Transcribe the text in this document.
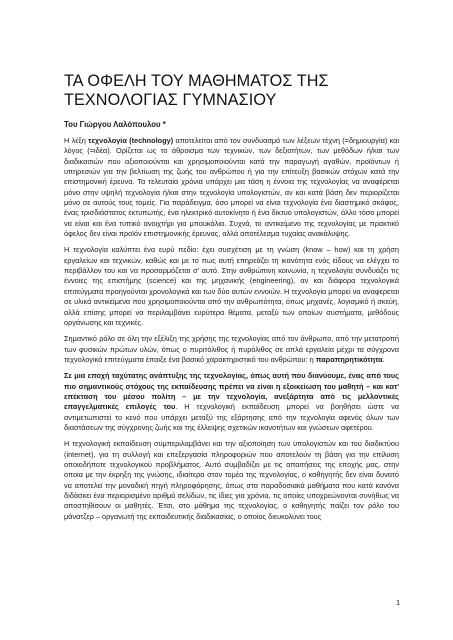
ΤΑ ΟΦΕΛΗ ΤΟΥ ΜΑΘΗΜΑΤΟΣ ΤΗΣ ΤΕΧΝΟΛΟΓΙΑΣ ΓΥΜΝΑΣΙΟΥ
Του Γιώργου Λαλόπουλου *

Η λέξη τεχνολογία (technology) αποτελείται από τον συνδυασμό των λέξεων τέχνη (=δημιουργία) και λόγος (=ιδέα). Ορίζεται ως το άθροισμα των τεχνικών, των δεξιοτήτων, των μεθόδων ή/και των διαδικασιών που αξιοποιούνται και χρησιμοποιούνται κατά την παραγωγή αγαθών, προϊόντων ή υπηρεσιών για την βελτίωση της ζωής του ανθρώπου ή για την επίτευξη βασικών στόχων κατά την επιστημονική έρευνα. Τα τελευταία χρόνια υπάρχει μια τάση η έννοια της τεχνολογίας να αναφέρεται μόνο στην υψηλή τεχνολογία ή/και στην τεχνολογία υπολογιστών, αν και κατά βάση δεν περιορίζεται μόνο σε αυτούς τους τομείς. Για παράδειγμα, όσο μπορεί να είναι τεχνολογία ένα διαστημικό σκάφος, ένας τρισδιάστατος εκτυπωτής, ένα ηλεκτρικό αυτοκίνητο ή ένα δίκτυο υπολογιστών, άλλο τόσο μπορεί να είναι και ένα τυπικό ανοιχτήρι για μπουκάλια. Συχνά, το αντικείμενο της τεχνολογίας με πρακτικό όφελος δεν είναι προϊόν επιστημονικής έρευνας, αλλά αποτέλεσμα τυχαίας ανακάλυψης.

Η τεχνολογία καλύπτει ένα ευρύ πεδίο: έχει συσχέτιση με τη γνώση (know – how) και τη χρήση εργαλείων και τεχνικών, καθώς και με το πως αυτή επηρεάζει τη ικανότητα ενός είδους να ελέγχει το περιβάλλον του και να προσαρμόζεται σ' αυτό. Στην ανθρώπινη κοινωνία, η τεχνολογία συνδυάζει τις έννοιες της επιστήμης (science) και της μηχανικής (engineering), αν και διάφορα τεχνολογικά επιτεύγματα προηγούνται χρονολογικά και των δύο αυτών εννοιών. Η τεχνολογία μπορεί να αναφερεται σε υλικά αντικείμενα που χρησιμοποιούνται από την ανθρωπότητα, όπως μηχανές, λογισμικό ή σκεύη, αλλά επίσης μπορεί να περιλαμβάνει ευρύτερα θέματα, μεταξύ των οποίων συστήματα, μεθόδους οργάνωσης και τεχνικές.

Σημαντικό ρόλο σε όλη την εξέλιξη της χρήσης της τεχνολογίας από τον άνθρωπο, από την μετατροπή των φυσικών πρώτων υλών, όπως ο πυριτόλιθος ή πυρόλιθος σε απλά εργαλεία μέχρι τα σύγχρονα τεχνολογικά επιτεύγματα έπαιξε ένα βασικό χαρακτηριστικό του ανθρώπου: η παραπηρητικότητα.

Σε μια εποχή ταχύτατης ανάπτυξης της τεχνολογίας, όπως αυτή που διανύουμε, ένας από τους πιο σημαντικούς στόχους της εκπαίδευσης πρέπει να είναι η εξοικείωση του μαθητή – και κατ' επέκταση του μέσου πολίτη – με την τεχνολογία, ανεξάρτητα από τις μελλοντικές επαγγελματικές επιλογές του. Η τεχνολογική εκπαίδευση μπορεί να βοηθήσει ώστε να αντιμετωπιστεί το κενό που υπάρχει μεταξύ της εξάρτησης από την τεχνολογία αφενός όλων των διαστάσεων της σύγχρονης ζωής και της έλλειψης σχετικών ικανοτήτων και γνώσεων αφετέρου.

Η τεχνολογική εκπαίδευση συμπεριλαμβάνει και την αξιοποίηση των υπολογιστών και του διαδικτύου (internet), για τη συλλογή και επεξεργασία πληροφοριών που αποτελούν τη βάση για την επίλυση οποιοδήποτε τεχνολογικού προβλήματος. Αυτό συμβαδίζει με τις απαιτήσεις της εποχής μας, στην οποία με την έκρηξη της γνώσης, ιδιαίτερα στον τομέα της τεχνολογίας, ο καθηγητής δεν είναι δυνατό να αποτελεί την μοναδική πηγή πληροφόρησης, όπως στα παραδοσιακά μαθήματα που κατά κανόνα διδάσκει ένα περιορισμένο αριθμό σελίδων, τις ίδιες για χρόνια, τις οποίες υποχρεώνονται συνήθως να αποστηθίσουν οι μαθητές. Έτσι, στο μάθημα της τεχνολογίας, ο καθηγητής παίζει τον ρόλο του μάνατζερ – οργανωτή της εκπαιδευτικής διαδικασίας, ο οποίος διευκολύνει τους

1
